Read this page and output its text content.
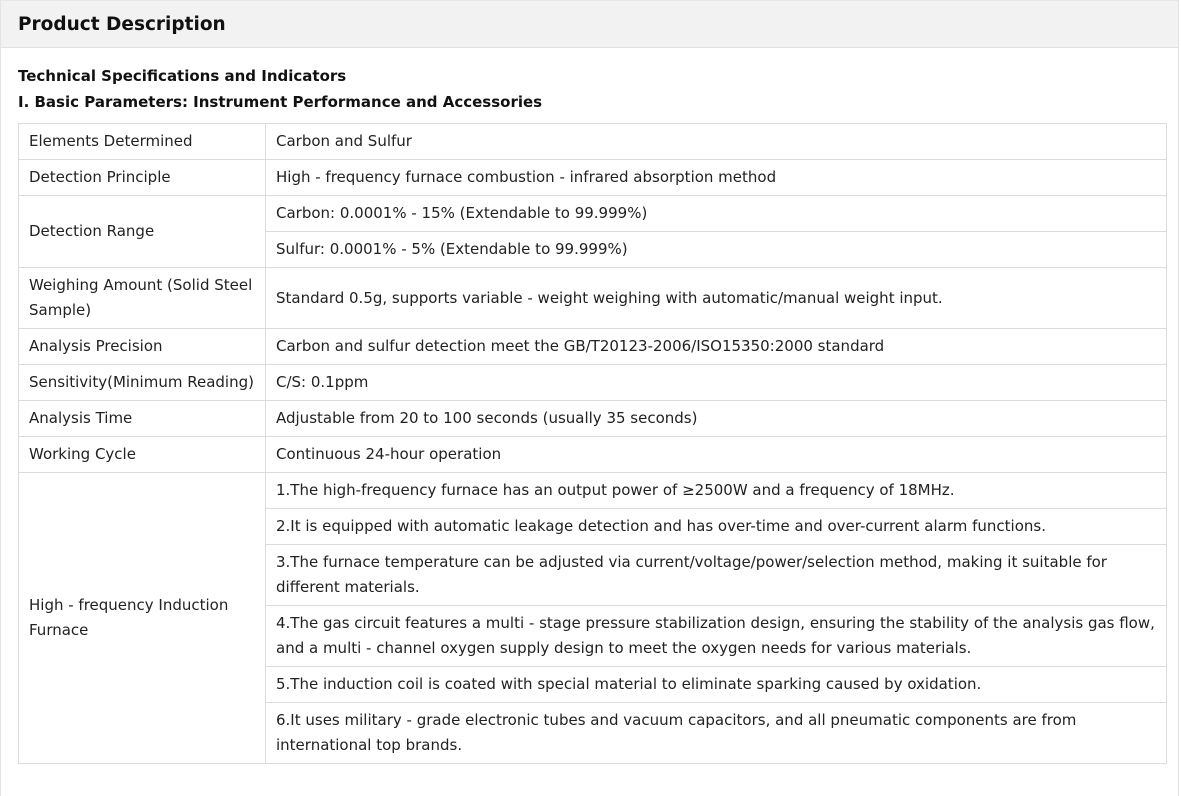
Product Description

Technical Specifications and Indicators

I. Basic Parameters: Instrument Performance and Accessories

Elements Determined	Carbon and Sulfur
Detection Principle	High - frequency furnace combustion - infrared absorption method
Detection Range	Carbon: 0.0001% - 15% (Extendable to 99.999%)
	Sulfur: 0.0001% - 5% (Extendable to 99.999%)
Weighing Amount (Solid Steel Sample)	Standard 0.5g, supports variable - weight weighing with automatic/manual weight input.
Analysis Precision	Carbon and sulfur detection meet the GB/T20123-2006/ISO15350:2000 standard
Sensitivity(Minimum Reading)	C/S: 0.1ppm
Analysis Time	Adjustable from 20 to 100 seconds (usually 35 seconds)
Working Cycle	Continuous 24-hour operation
High - frequency Induction Furnace	1.The high-frequency furnace has an output power of ≥2500W and a frequency of 18MHz.
	2.It is equipped with automatic leakage detection and has over-time and over-current alarm functions.
	3.The furnace temperature can be adjusted via current/voltage/power/selection method, making it suitable for different materials.
	4.The gas circuit features a multi - stage pressure stabilization design, ensuring the stability of the analysis gas flow, and a multi - channel oxygen supply design to meet the oxygen needs for various materials.
	5.The induction coil is coated with special material to eliminate sparking caused by oxidation.
	6.It uses military - grade electronic tubes and vacuum capacitors, and all pneumatic components are from international top brands.
